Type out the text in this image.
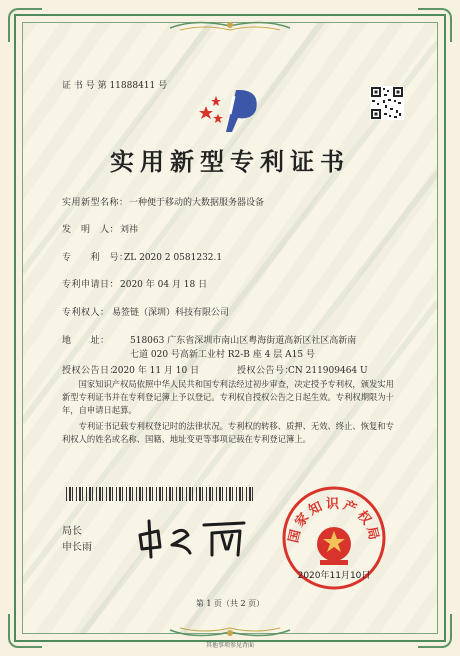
证 书 号 第 11888411 号
实用新型专利证书
实用新型名称： 一种便于移动的大数据服务器设备
发　明　人： 刘祎
专　　利　号：
ZL 2020 2 0581232.1
专利申请日： 2020 年 04 月 18 日
专利权人： 易签链（深圳）科技有限公司
地　　址： 518063 广东省深圳市南山区粤海街道高新区社区高新南
七道 020 号高新工业村 R2-B 座 4 层 A15 号
授权公告日：
2020 年 11 月 10 日	授权公告号：
CN 211909464 U
国家知识产权局依照中华人民共和国专利法经过初步审查，决定授予专利权，颁发实用新型专利证书并在专利登记簿上予以登记。专利权自授权公告之日起生效。专利权期限为十年，自申请日起算。
专利证书记载专利权登记时的法律状况。专利权的转移、质押、无效、终止、恢复和专利权人的姓名或名称、国籍、地址变更等事项记载在专利登记簿上。
局长
申长雨
国家知识产权局
2020年11月10日
第 1 页（共 2 页）
其他事项参见背面
